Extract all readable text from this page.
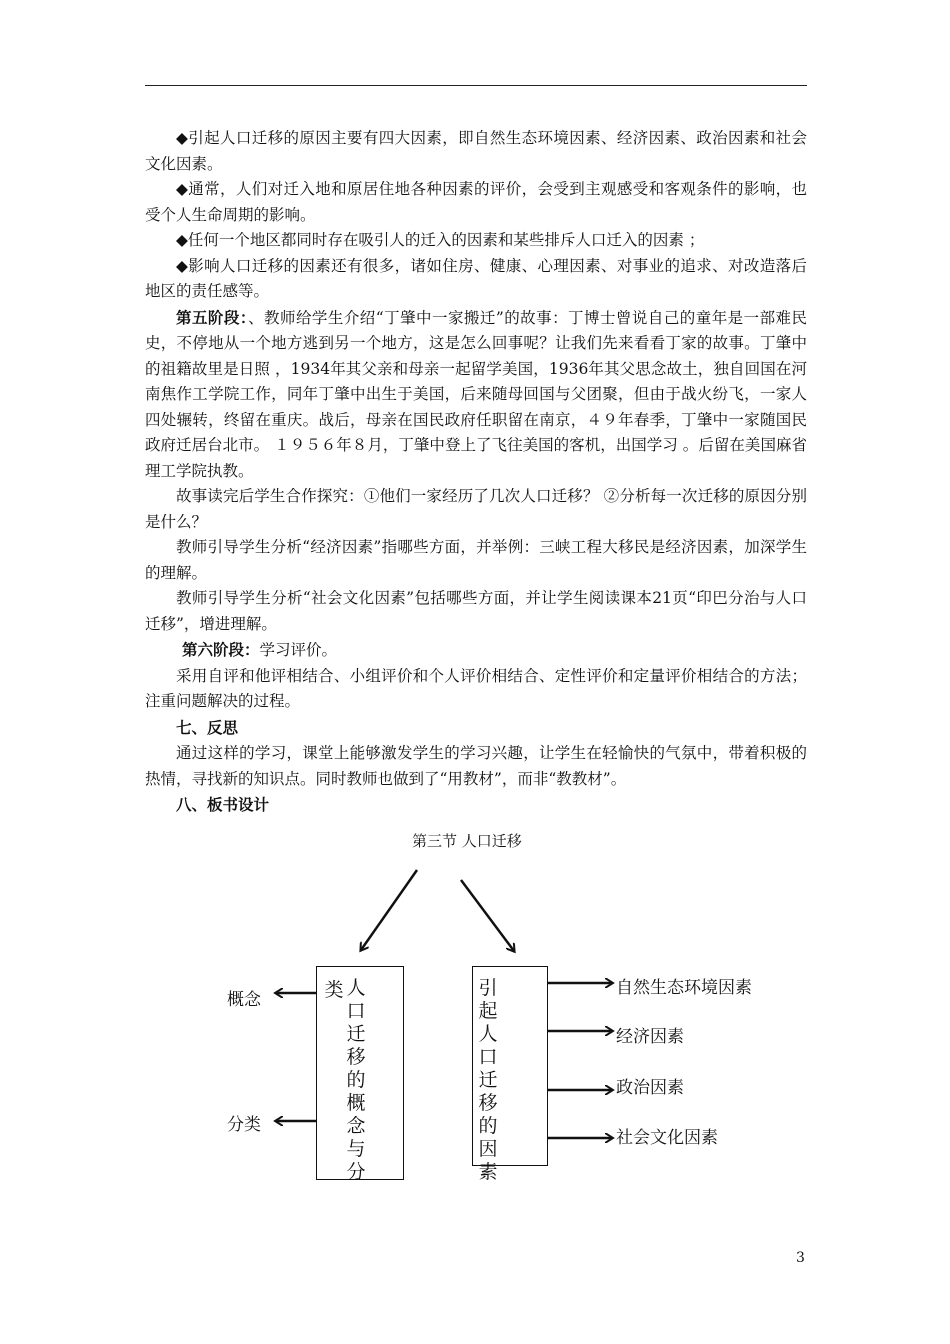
◆引起人口迁移的原因主要有四大因素，即自然生态环境因素、经济因素、政治因素和社会文化因素。

◆通常，人们对迁入地和原居住地各种因素的评价，会受到主观感受和客观条件的影响，也受个人生命周期的影响。

◆任何一个地区都同时存在吸引人的迁入的因素和某些排斥人口迁入的因素 ；

◆影响人口迁移的因素还有很多，诸如住房、健康、心理因素、对事业的追求、对改造落后地区的责任感等。

第五阶段：、教师给学生介绍“丁肇中一家搬迁”的故事：丁博士曾说自己的童年是一部难民史，不停地从一个地方逃到另一个地方，这是怎么回事呢？让我们先来看看丁家的故事。丁肇中的祖籍故里是日照 ，1934年其父亲和母亲一起留学美国，1936年其父思念故土，独自回国在河南焦作工学院工作，同年丁肇中出生于美国，后来随母回国与父团聚，但由于战火纷飞，一家人四处辗转，终留在重庆。战后，母亲在国民政府任职留在南京，４９年春季，丁肇中一家随国民政府迁居台北市。 １９５６年８月，丁肇中登上了飞往美国的客机，出国学习 。后留在美国麻省理工学院执教。

故事读完后学生合作探究：①他们一家经历了几次人口迁移？ ②分析每一次迁移的原因分别是什么？

教师引导学生分析“经济因素”指哪些方面，并举例：三峡工程大移民是经济因素，加深学生的理解。

教师引导学生分析“社会文化因素”包括哪些方面，并让学生阅读课本21页“印巴分治与人口迁移”，增进理解。

第六阶段：学习评价。

采用自评和他评相结合、小组评价和个人评价相结合、定性评价和定量评价相结合的方法；注重问题解决的过程。

七、反思

通过这样的学习，课堂上能够激发学生的学习兴趣，让学生在轻愉快的气氛中，带着积极的热情，寻找新的知识点。同时教师也做到了“用教材”，而非“教教材”。

八、板书设计

第三节 人口迁移
类 人口迁移的概念与分
引起人口迁移的因素
概念
分类
自然生态环境因素
经济因素
政治因素
社会文化因素
3
